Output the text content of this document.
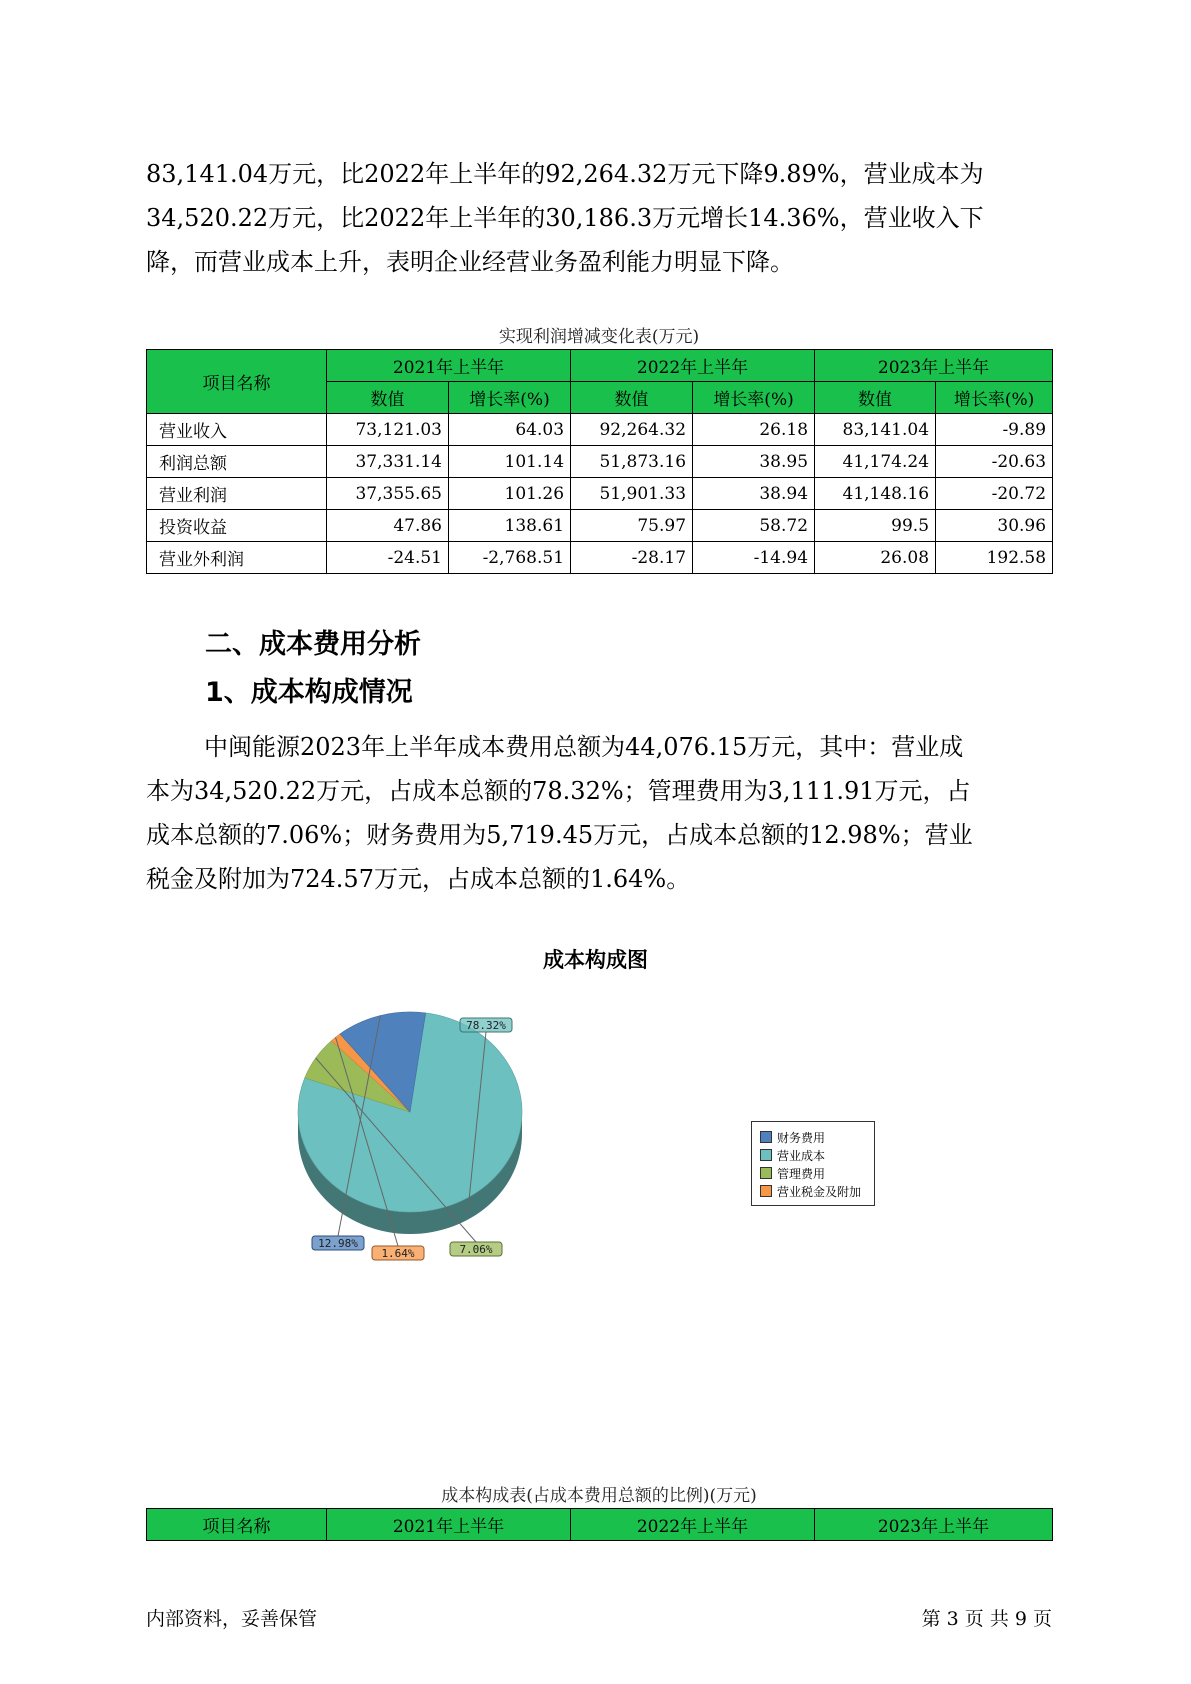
83,141.04万元，比2022年上半年的92,264.32万元下降9.89%，营业成本为

34,520.22万元，比2022年上半年的30,186.3万元增长14.36%，营业收入下

降，而营业成本上升，表明企业经营业务盈利能力明显下降。

实现利润增减变化表(万元)
项目名称	2021年上半年		2022年上半年		2023年上半年	
	数值	增长率(%)	数值	增长率(%)	数值	增长率(%)
营业收入	73,121.03	64.03	92,264.32	26.18	83,141.04	-9.89
利润总额	37,331.14	101.14	51,873.16	38.95	41,174.24	-20.63
营业利润	37,355.65	101.26	51,901.33	38.94	41,148.16	-20.72
投资收益	47.86	138.61	75.97	58.72	99.5	30.96
营业外利润	-24.51	-2,768.51	-28.17	-14.94	26.08	192.58
二、成本费用分析
1、成本构成情况

中闽能源2023年上半年成本费用总额为44,076.15万元，其中：营业成

本为34,520.22万元，占成本总额的78.32%；管理费用为3,111.91万元，占

成本总额的7.06%；财务费用为5,719.45万元，占成本总额的12.98%；营业

税金及附加为724.57万元，占成本总额的1.64%。

成本构成图
78.32%
7.06%
1.64%
12.98%
财务费用
营业成本
管理费用
营业税金及附加
成本构成表(占成本费用总额的比例)(万元)
项目名称	2021年上半年	2022年上半年	2023年上半年
内部资料，妥善保管	第 3 页 共 9 页
